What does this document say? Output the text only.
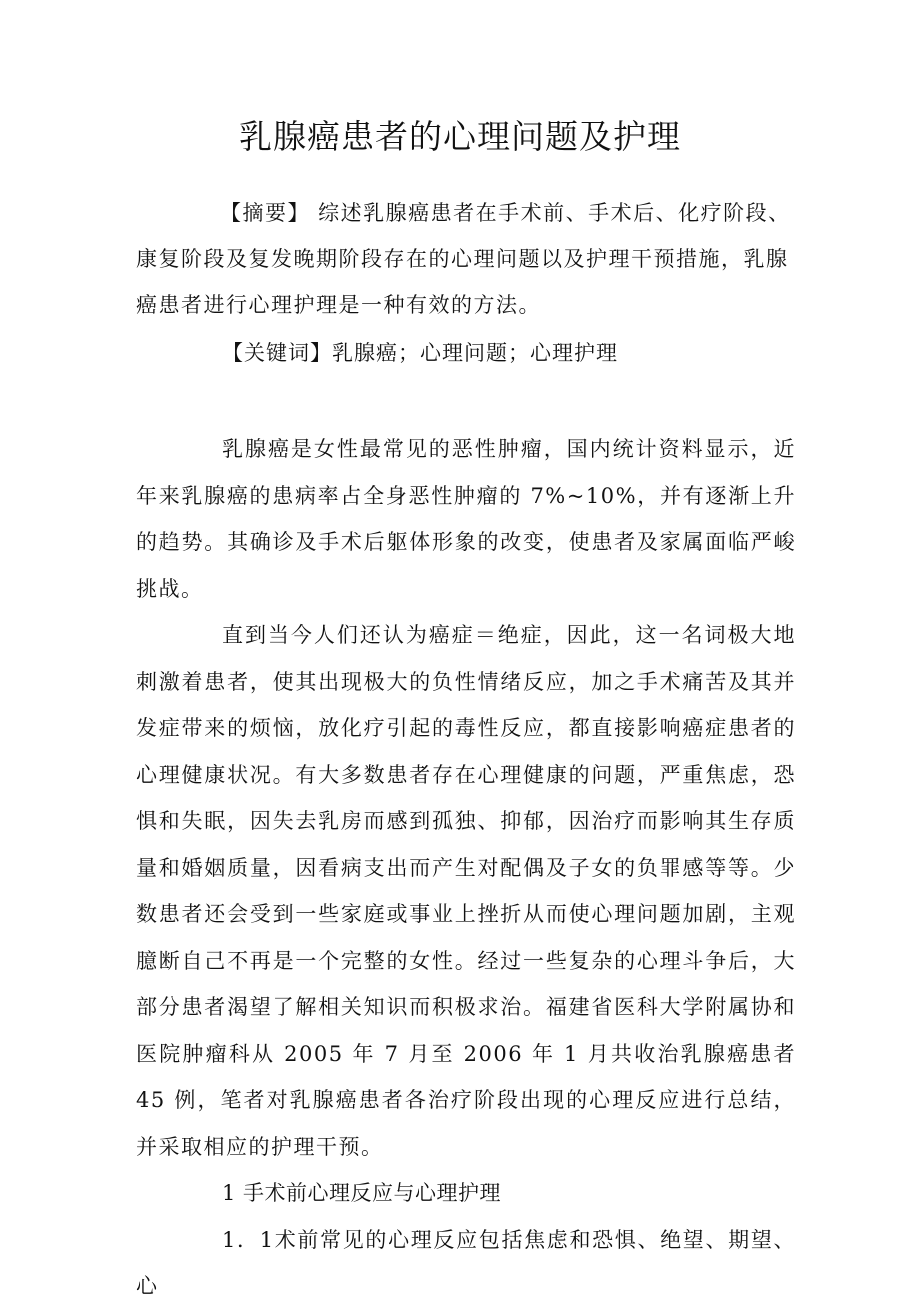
乳腺癌患者的心理问题及护理

【摘要】 综述乳腺癌患者在手术前、手术后、化疗阶段、康复阶段及复发晚期阶段存在的心理问题以及护理干预措施，乳腺癌患者进行心理护理是一种有效的方法。

【关键词】乳腺癌；心理问题；心理护理

乳腺癌是女性最常见的恶性肿瘤，国内统计资料显示，近年来乳腺癌的患病率占全身恶性肿瘤的 7%~10%，并有逐渐上升的趋势。其确诊及手术后躯体形象的改变，使患者及家属面临严峻挑战。

直到当今人们还认为癌症＝绝症，因此，这一名词极大地刺激着患者，使其出现极大的负性情绪反应，加之手术痛苦及其并发症带来的烦恼，放化疗引起的毒性反应，都直接影响癌症患者的心理健康状况。有大多数患者存在心理健康的问题，严重焦虑，恐惧和失眠，因失去乳房而感到孤独、抑郁，因治疗而影响其生存质量和婚姻质量，因看病支出而产生对配偶及子女的负罪感等等。少数患者还会受到一些家庭或事业上挫折从而使心理问题加剧，主观臆断自己不再是一个完整的女性。经过一些复杂的心理斗争后，大部分患者渴望了解相关知识而积极求治。福建省医科大学附属协和医院肿瘤科从 2005 年 7 月至 2006 年 1 月共收治乳腺癌患者 45 例，笔者对乳腺癌患者各治疗阶段出现的心理反应进行总结，并采取相应的护理干预。

1 手术前心理反应与心理护理

1．1术前常见的心理反应包括焦虑和恐惧、绝望、期望、心
